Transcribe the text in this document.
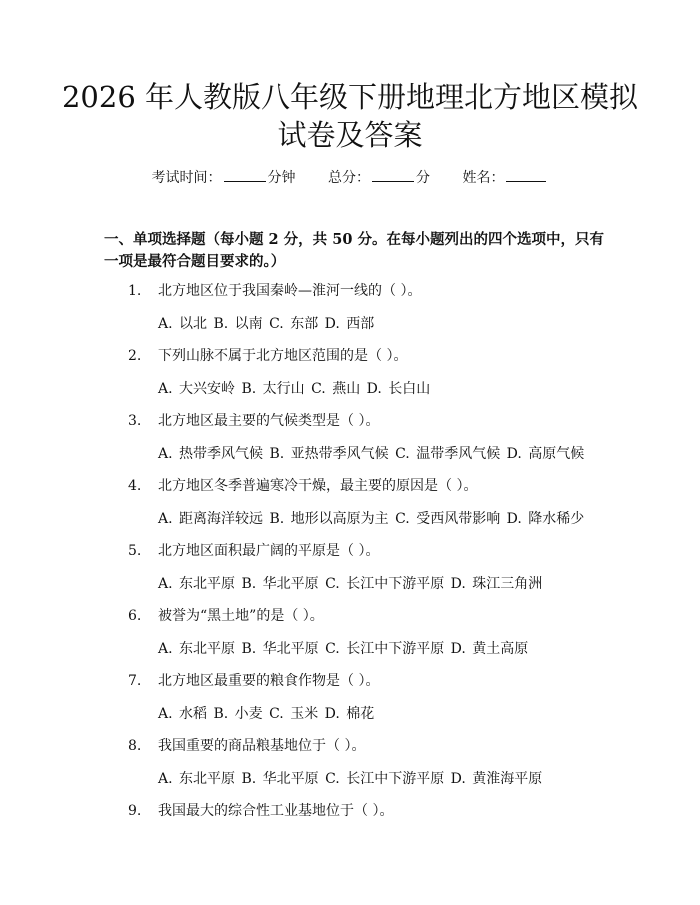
2026 年人教版八年级下册地理北方地区模拟
试卷及答案
考试时间：	分钟 总分：	分 姓名：

一、单项选择题（每小题 2 分，共 50 分。在每小题列出的四个选项中，只有一项是最符合题目要求的。）

1. 北方地区位于我国秦岭—淮河一线的（ ）。
A. 以北 B. 以南 C. 东部 D. 西部
2. 下列山脉不属于北方地区范围的是（ ）。
A. 大兴安岭 B. 太行山 C. 燕山 D. 长白山
3. 北方地区最主要的气候类型是（ ）。
A. 热带季风气候 B. 亚热带季风气候 C. 温带季风气候 D. 高原气候
4. 北方地区冬季普遍寒冷干燥，最主要的原因是（ ）。
A. 距离海洋较远 B. 地形以高原为主 C. 受西风带影响 D. 降水稀少
5. 北方地区面积最广阔的平原是（ ）。
A. 东北平原 B. 华北平原 C. 长江中下游平原 D. 珠江三角洲
6. 被誉为“黑土地”的是（ ）。
A. 东北平原 B. 华北平原 C. 长江中下游平原 D. 黄土高原
7. 北方地区最重要的粮食作物是（ ）。
A. 水稻 B. 小麦 C. 玉米 D. 棉花
8. 我国重要的商品粮基地位于（ ）。
A. 东北平原 B. 华北平原 C. 长江中下游平原 D. 黄淮海平原
9. 我国最大的综合性工业基地位于（ ）。
